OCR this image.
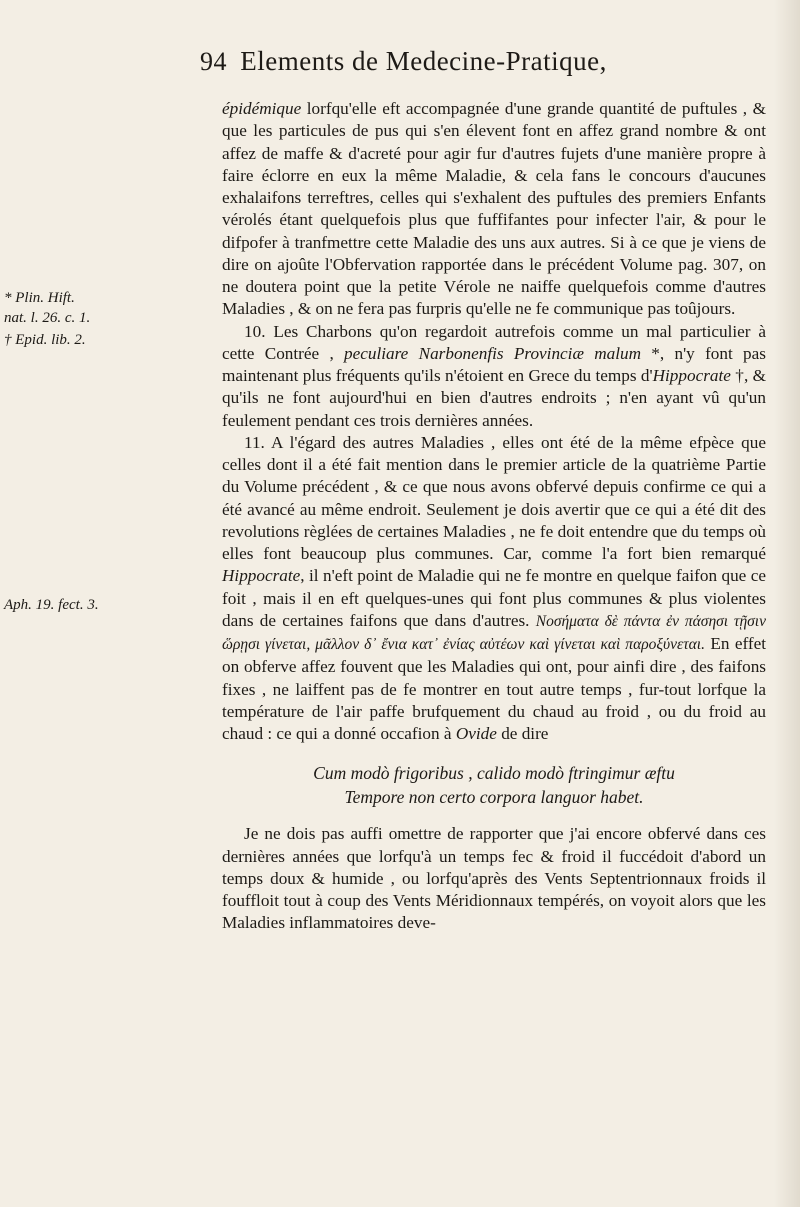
94 Elements de Medecine-Pratique,
* Plin. Hift.
nat. l. 26. c. 1.
† Epid. lib. 2.
Aph. 19. fect. 3.

épidémique lorfqu'elle eft accompagnée d'une grande quantité de puftules , & que les particules de pus qui s'en élevent font en affez grand nombre & ont affez de maffe & d'acreté pour agir fur d'autres fujets d'une manière propre à faire éclorre en eux la même Maladie, & cela fans le concours d'aucunes exhalaifons terreftres, celles qui s'exhalent des puftules des premiers Enfants vérolés étant quelquefois plus que fuffifantes pour infecter l'air, & pour le difpofer à tranfmettre cette Maladie des uns aux autres. Si à ce que je viens de dire on ajoûte l'Obfervation rapportée dans le précédent Volume pag. 307, on ne doutera point que la petite Vérole ne naiffe quelquefois comme d'autres Maladies , & on ne fera pas furpris qu'elle ne fe communique pas toûjours.

10. Les Charbons qu'on regardoit autrefois comme un mal particulier à cette Contrée , peculiare Narbonenfis Provinciæ malum *, n'y font pas maintenant plus fréquents qu'ils n'étoient en Grece du temps d'Hippocrate †, & qu'ils ne font aujourd'hui en bien d'autres endroits ; n'en ayant vû qu'un feulement pendant ces trois dernières années.

11. A l'égard des autres Maladies , elles ont été de la même efpèce que celles dont il a été fait mention dans le premier article de la quatrième Partie du Volume précédent , & ce que nous avons obfervé depuis confirme ce qui a été avancé au même endroit. Seulement je dois avertir que ce qui a été dit des revolutions règlées de certaines Maladies , ne fe doit entendre que du temps où elles font beaucoup plus communes. Car, comme l'a fort bien remarqué Hippocrate, il n'eft point de Maladie qui ne fe montre en quelque faifon que ce foit , mais il en eft quelques-unes qui font plus communes & plus violentes dans de certaines faifons que dans d'autres. Νοσήματα δὲ πάντα ἐν πάσησι τῇσιν ὥρῃσι γίνεται, μᾶλλον δ᾽ ἔνια κατ᾽ ἐνίας αὐτέων καὶ γίνεται καὶ παροξύνεται. En effet on obferve affez fouvent que les Maladies qui ont, pour ainfi dire , des faifons fixes , ne laiffent pas de fe montrer en tout autre temps , fur-tout lorfque la température de l'air paffe brufquement du chaud au froid , ou du froid au chaud : ce qui a donné occafion à Ovide de dire

Cum modò frigoribus , calido modò ftringimur æftu
Tempore non certo corpora languor habet.

Je ne dois pas auffi omettre de rapporter que j'ai encore obfervé dans ces dernières années que lorfqu'à un temps fec & froid il fuccédoit d'abord un temps doux & humide , ou lorfqu'après des Vents Septentrionnaux froids il fouffloit tout à coup des Vents Méridionnaux tempérés, on voyoit alors que les Maladies inflammatoires deve-
